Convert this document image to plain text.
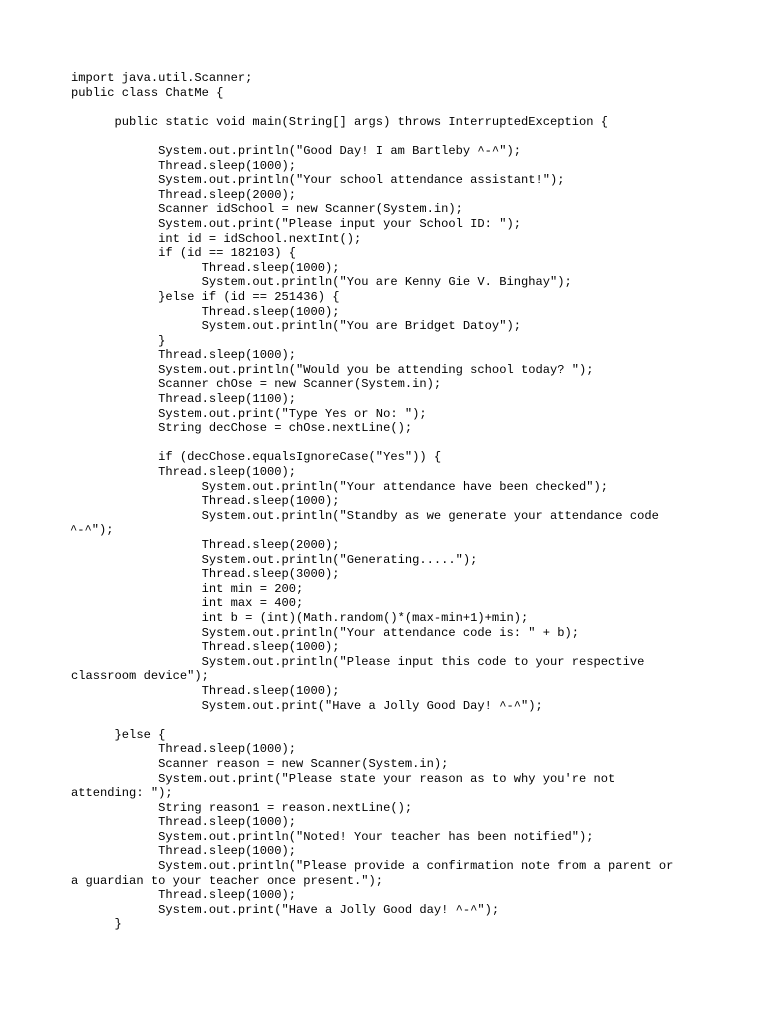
import java.util.Scanner;
public class ChatMe {
public static void main(String[] args) throws InterruptedException {
System.out.println("Good Day! I am Bartleby ^-^");
Thread.sleep(1000);
System.out.println("Your school attendance assistant!");
Thread.sleep(2000);
Scanner idSchool = new Scanner(System.in);
System.out.print("Please input your School ID: ");
int id = idSchool.nextInt();
if (id == 182103) {
Thread.sleep(1000);
System.out.println("You are Kenny Gie V. Binghay");
}else if (id == 251436) {
Thread.sleep(1000);
System.out.println("You are Bridget Datoy");
}
Thread.sleep(1000);
System.out.println("Would you be attending school today? ");
Scanner chOse = new Scanner(System.in);
Thread.sleep(1100);
System.out.print("Type Yes or No: ");
String decChose = chOse.nextLine();
if (decChose.equalsIgnoreCase("Yes")) {
Thread.sleep(1000);
System.out.println("Your attendance have been checked");
Thread.sleep(1000);
System.out.println("Standby as we generate your attendance code
^-^");
Thread.sleep(2000);
System.out.println("Generating.....");
Thread.sleep(3000);
int min = 200;
int max = 400;
int b = (int)(Math.random()*(max-min+1)+min);
System.out.println("Your attendance code is: " + b);
Thread.sleep(1000);
System.out.println("Please input this code to your respective
classroom device");
Thread.sleep(1000);
System.out.print("Have a Jolly Good Day! ^-^");
}else {
Thread.sleep(1000);
Scanner reason = new Scanner(System.in);
System.out.print("Please state your reason as to why you're not
attending: ");
String reason1 = reason.nextLine();
Thread.sleep(1000);
System.out.println("Noted! Your teacher has been notified");
Thread.sleep(1000);
System.out.println("Please provide a confirmation note from a parent or
a guardian to your teacher once present.");
Thread.sleep(1000);
System.out.print("Have a Jolly Good day! ^-^");
}
